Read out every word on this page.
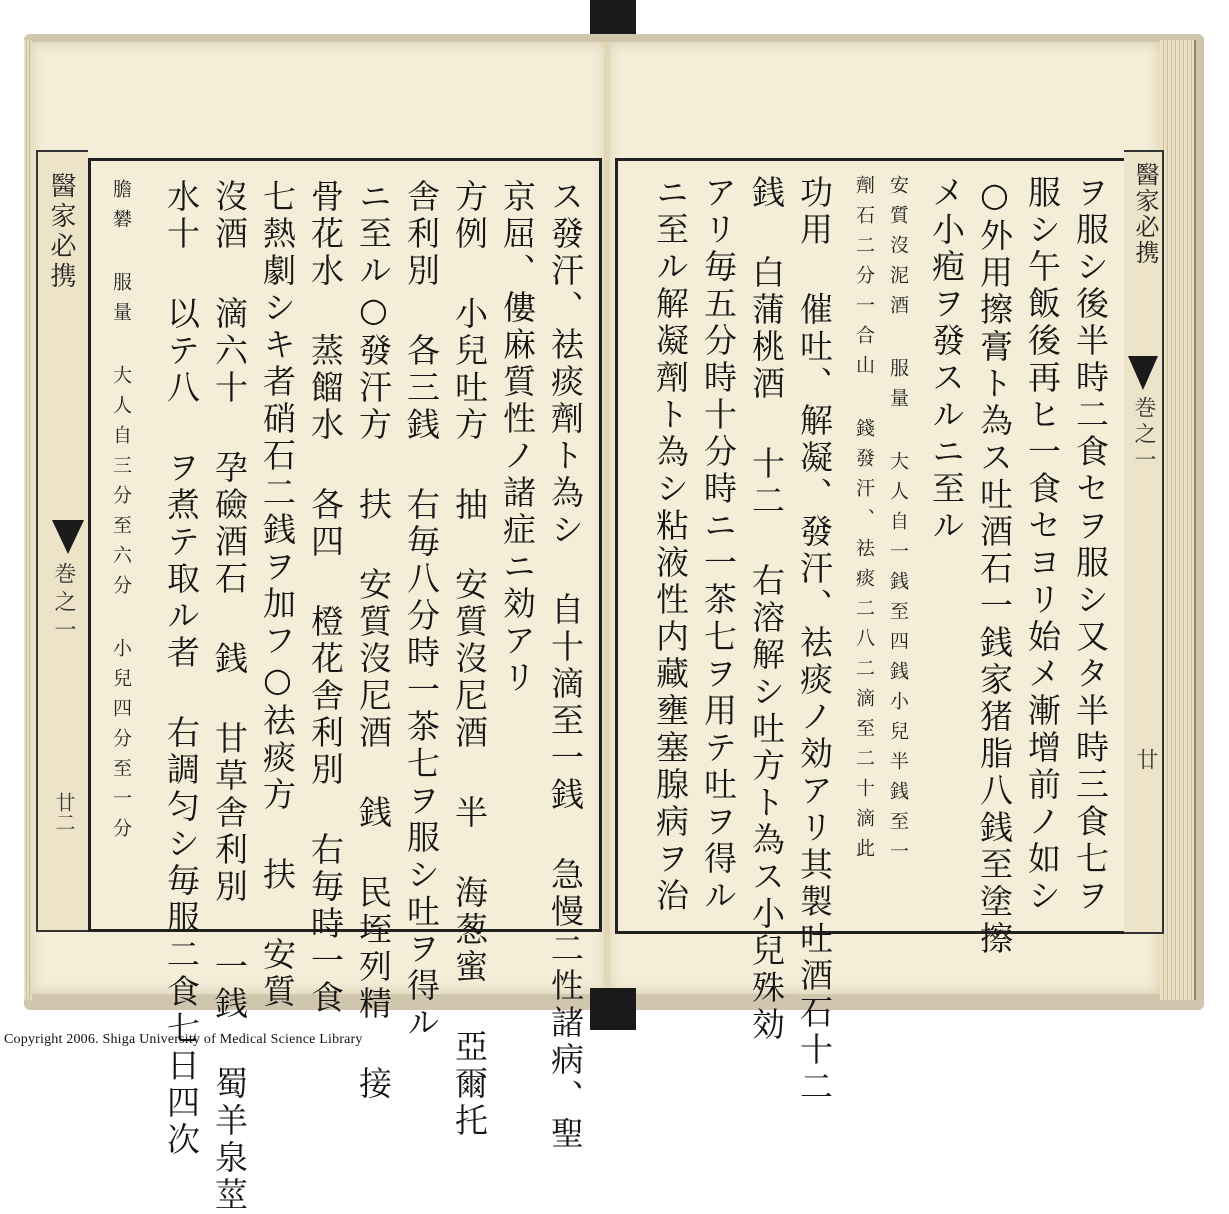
醫家必携
巻之一
廿二	ス發汗、祛痰劑ト為シ 自十滴至一銭 急慢二性諸病、聖
京屈、僂麻質性ノ諸症ニ効アリ
方例 小兒吐方 抽 安質沒尼酒 半 海葱蜜 亞爾托
舎利別 各三銭 右毎八分時一茶七ヲ服シ吐ヲ得ル
ニ至ル○發汗方 扶 安質沒尼酒 銭 民垤列精 接
骨花水 蒸餾水 各四 橙花舎利別 右毎時一食
七熱劇シキ者硝石二銭ヲ加フ○祛痰方 扶 安質
沒酒 滴六十 孕礆酒石 銭 甘草舎利別 一銭 蜀羊泉莖
水十 以テ八 ヲ煮テ取ル者 右調匀シ毎服二食七日四次
膽礬 服量 大人自三分至六分 小兒四分至一分	ヲ服シ後半時二食セヲ服シ又タ半時三食七ヲ
服シ午飯後再ヒ一食セヨリ始メ漸增前ノ如シ
○外用擦膏ト為ス吐酒石一銭家猪脂八銭至塗擦
メ小疱ヲ發スルニ至ル
安質沒泥酒 服量 大人自一銭至四銭小兒半銭至一
劑石二分一合山 錢發汗、祛痰二八二滴至二十滴此
功用 催吐、解凝、發汗、祛痰ノ効アリ其製吐酒石十二
銭 白蒲桃酒 十二 右溶解シ吐方ト為ス小兒殊効
アリ毎五分時十分時ニ一茶七ヲ用テ吐ヲ得ル
ニ至ル解凝劑ト為シ粘液性内藏壅塞腺病ヲ治	醫家必携
巻之一
廿
Copyright 2006. Shiga University of Medical Science Library
